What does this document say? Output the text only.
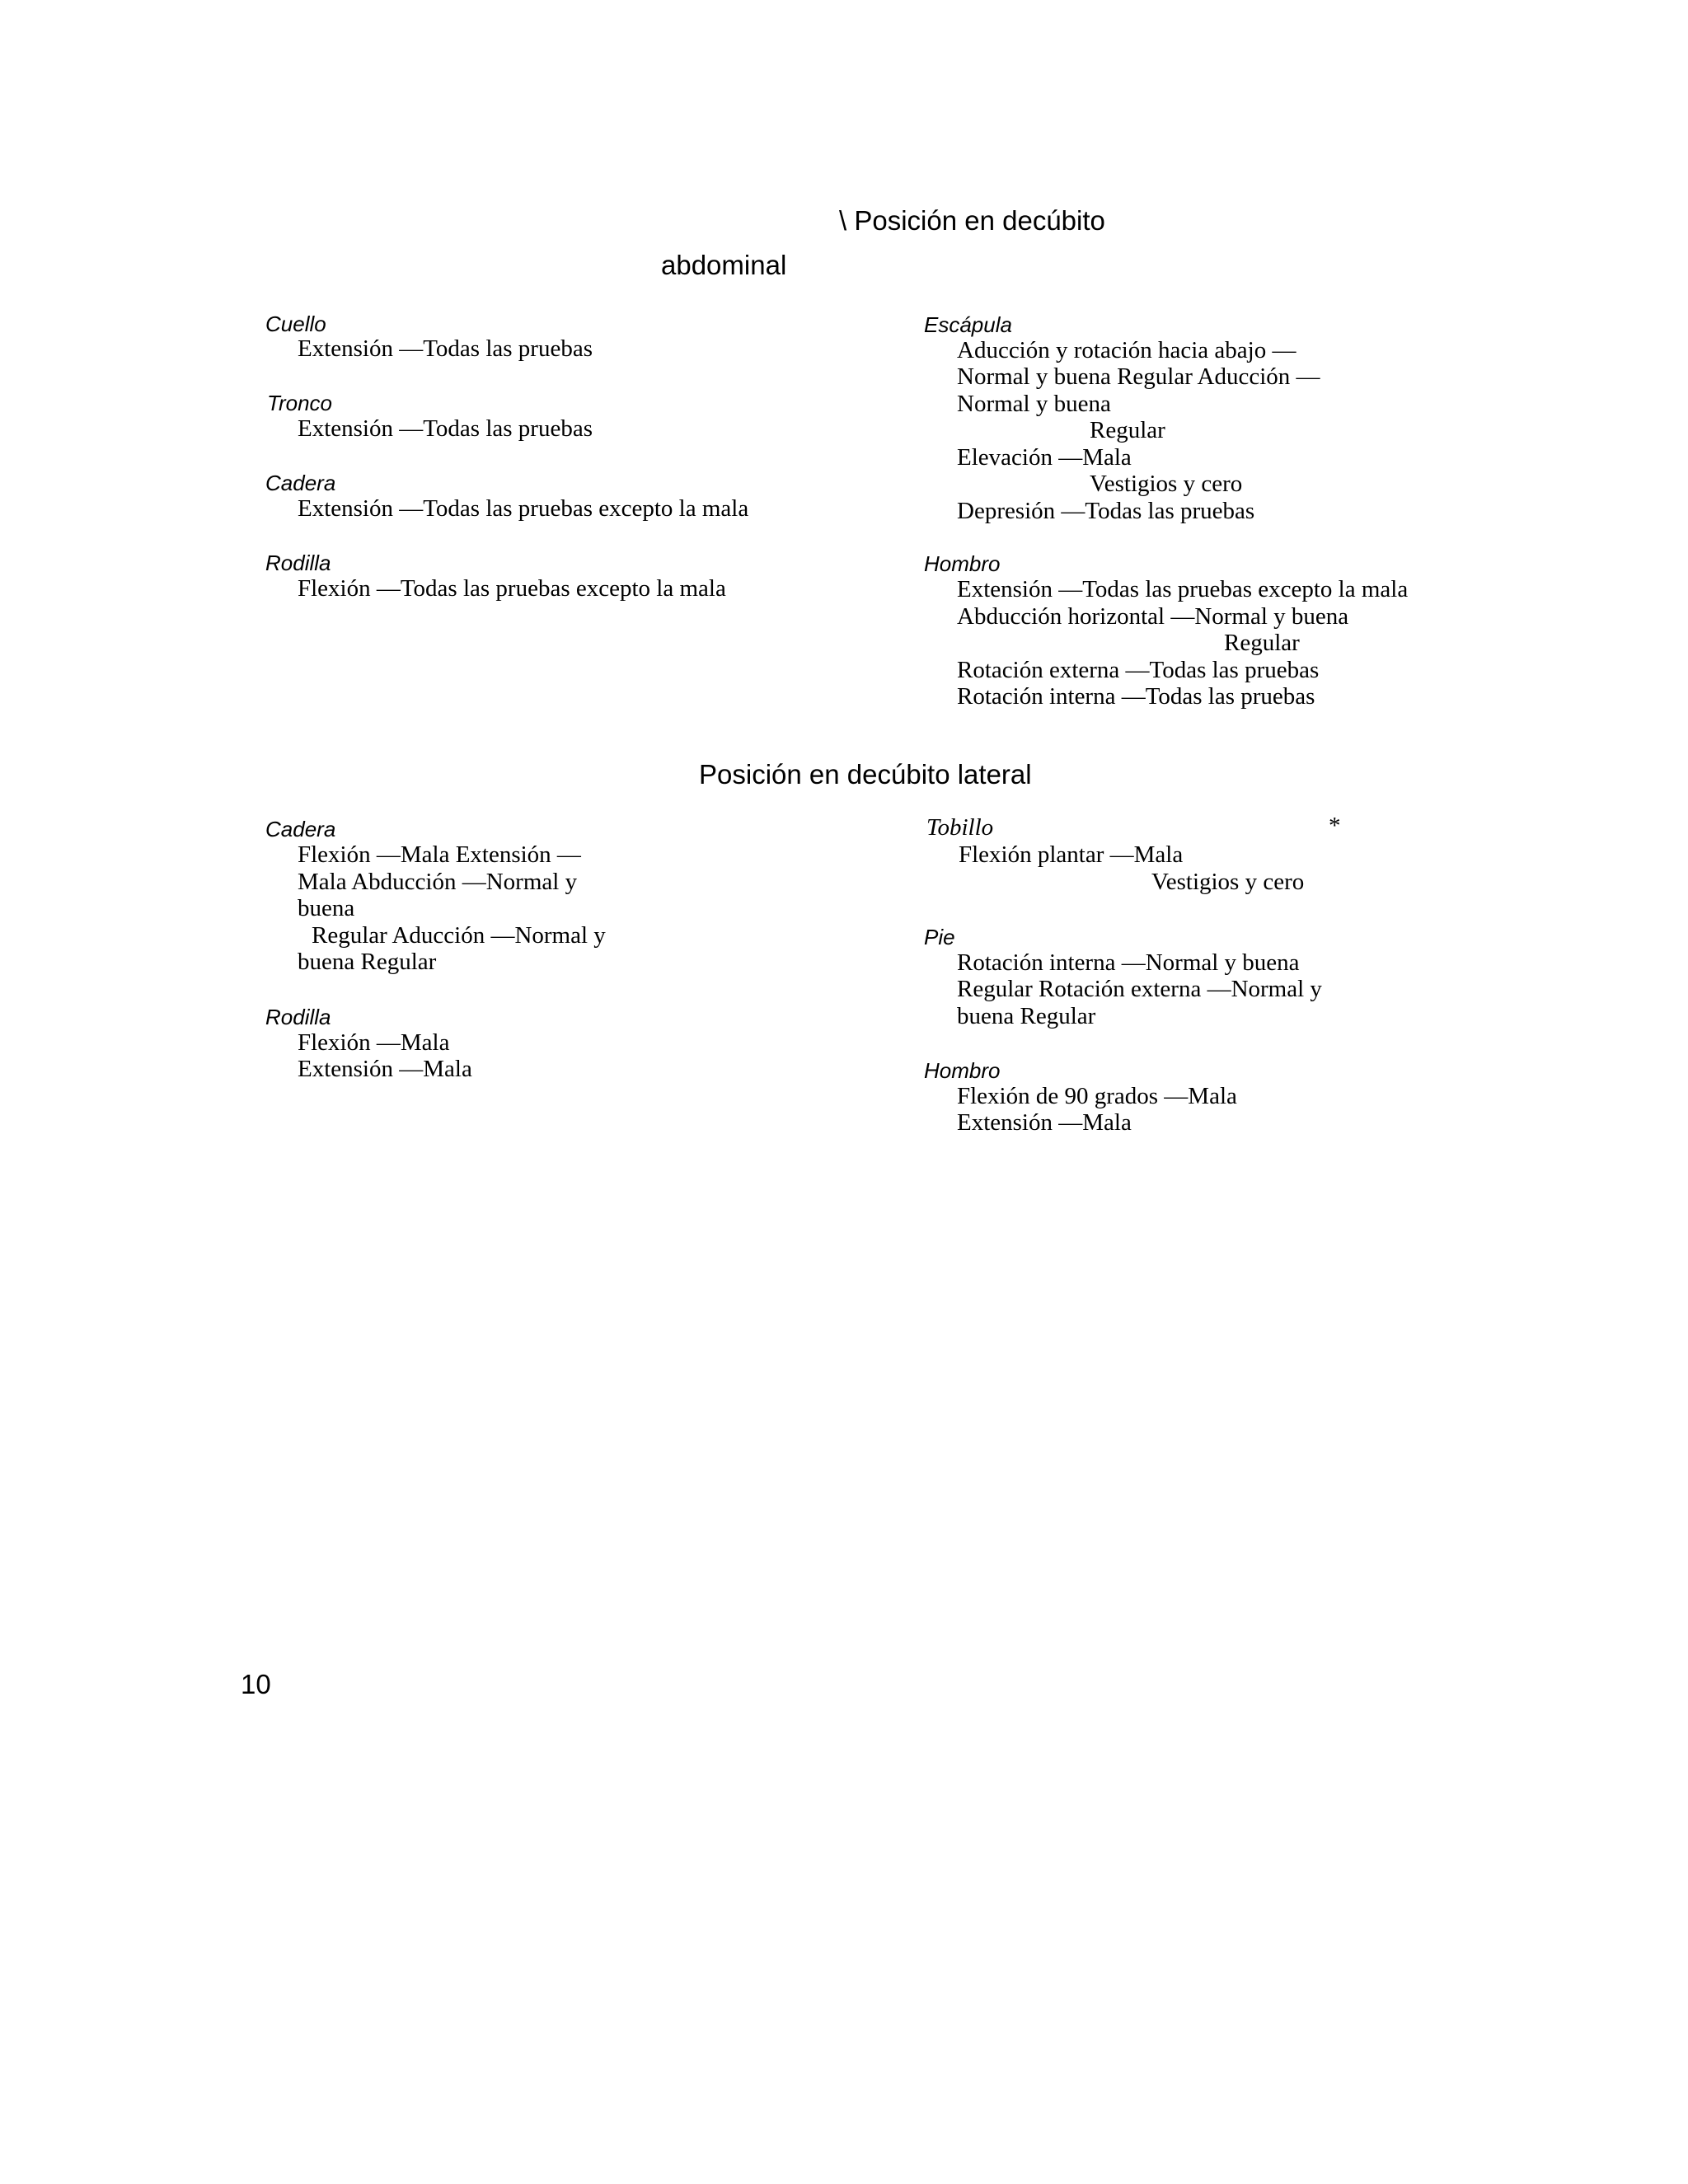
\ Posición en decúbito
abdominal
Cuello
Extensión —Todas las pruebas
Tronco
Extensión —Todas las pruebas
Cadera
Extensión —Todas las pruebas excepto la mala
Rodilla
Flexión —Todas las pruebas excepto la mala
Escápula
Aducción y rotación hacia abajo —
Normal y buena Regular Aducción —
Normal y buena
Regular
Elevación —Mala
Vestigios y cero
Depresión —Todas las pruebas
Hombro
Extensión —Todas las pruebas excepto la mala
Abducción horizontal —Normal y buena
Regular
Rotación externa —Todas las pruebas
Rotación interna —Todas las pruebas
Posición en decúbito lateral
Cadera
Flexión —Mala Extensión —
Mala Abducción —Normal y
buena
Regular Aducción —Normal y
buena Regular
Rodilla
Flexión —Mala
Extensión —Mala
Tobillo	*
Flexión plantar —Mala
Vestigios y cero
Pie
Rotación interna —Normal y buena
Regular Rotación externa —Normal y
buena Regular
Hombro
Flexión de 90 grados —Mala
Extensión —Mala
10
